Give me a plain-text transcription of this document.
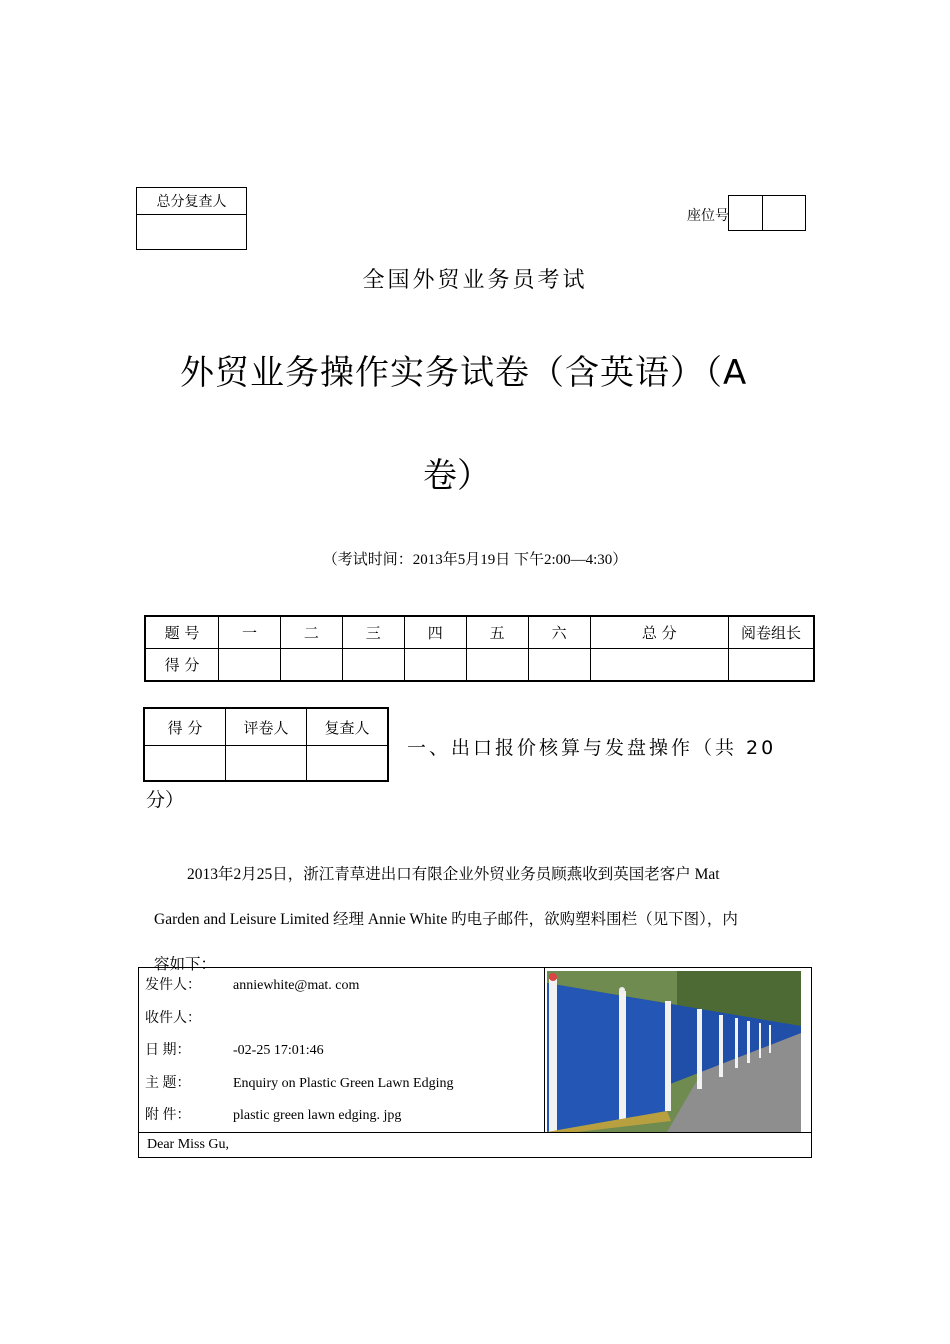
总分复查人

座位号

全国外贸业务员考试
外贸业务操作实务试卷（含英语）（A
卷）
（考试时间：2013年5月19日 下午2:00—4:30）
题 号	一	二	三	四	五	六	总 分	阅卷组长
得 分								
得 分	评卷人	复查人

一、出口报价核算与发盘操作（共 20
分）
2013年2月25日，浙江青草进出口有限企业外贸业务员顾燕收到英国老客户 Mat
Garden and Leisure Limited 经理 Annie White 旳电子邮件，欲购塑料围栏（见下图），内
容如下：
发件人： anniewhite@mat. com
收件人：
日 期：	-02-25 17:01:46
主 题：	Enquiry on Plastic Green Lawn Edging
附 件：	plastic green lawn edging. jpg

Dear Miss Gu,
